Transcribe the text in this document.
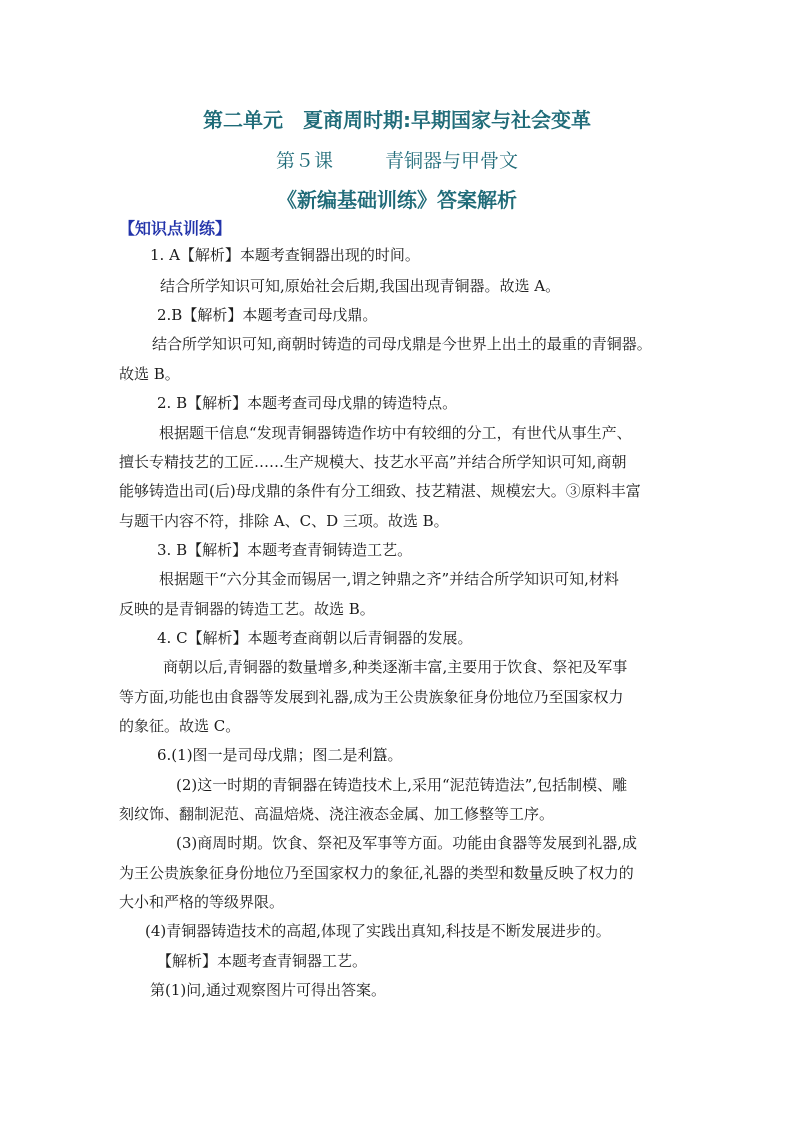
第二单元　夏商周时期:早期国家与社会变革
第５课	青铜器与甲骨文
《新编基础训练》答案解析
【知识点训练】
1. A【解析】本题考查铜器出现的时间。
结合所学知识可知,原始社会后期,我国出现青铜器。故选 A。
2.B【解析】本题考查司母戊鼎。
结合所学知识可知,商朝时铸造的司母戊鼎是今世界上出土的最重的青铜器。
故选 B。
2. B【解析】本题考查司母戊鼎的铸造特点。
根据题干信息“发现青铜器铸造作坊中有较细的分工，有世代从事生产、
擅长专精技艺的工匠……生产规模大、技艺水平高”并结合所学知识可知,商朝
能够铸造出司(后)母戊鼎的条件有分工细致、技艺精湛、规模宏大。③原料丰富
与题干内容不符，排除 A、C、D 三项。故选 B。
3. B【解析】本题考查青铜铸造工艺。
根据题干“六分其金而锡居一,谓之钟鼎之齐”并结合所学知识可知,材料
反映的是青铜器的铸造工艺。故选 B。
4. C【解析】本题考查商朝以后青铜器的发展。
商朝以后,青铜器的数量增多,种类逐渐丰富,主要用于饮食、祭祀及军事
等方面,功能也由食器等发展到礼器,成为王公贵族象征身份地位乃至国家权力
的象征。故选 C。
6.(1)图一是司母戊鼎；图二是利簋。
(2)这一时期的青铜器在铸造技术上,采用“泥范铸造法”,包括制模、雕
刻纹饰、翻制泥范、高温焙烧、浇注液态金属、加工修整等工序。
(3)商周时期。饮食、祭祀及军事等方面。功能由食器等发展到礼器,成
为王公贵族象征身份地位乃至国家权力的象征,礼器的类型和数量反映了权力的
大小和严格的等级界限。
(4)青铜器铸造技术的高超,体现了实践出真知,科技是不断发展进步的。
【解析】本题考查青铜器工艺。
第(1)问,通过观察图片可得出答案。
